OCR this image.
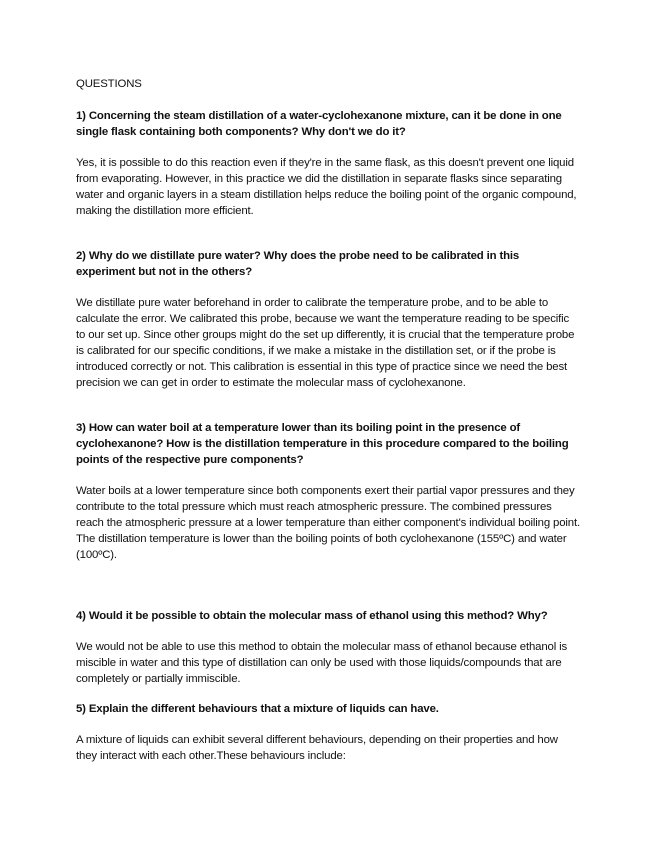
QUESTIONS
1) Concerning the steam distillation of a water-cyclohexanone mixture, can it be done in one single flask containing both components? Why don't we do it?

Yes, it is possible to do this reaction even if they're in the same flask, as this doesn't prevent one liquid from evaporating. However, in this practice we did the distillation in separate flasks since separating water and organic layers in a steam distillation helps reduce the boiling point of the organic compound, making the distillation more efficient.

2) Why do we distillate pure water? Why does the probe need to be calibrated in this experiment but not in the others?

We distillate pure water beforehand in order to calibrate the temperature probe, and to be able to calculate the error. We calibrated this probe, because we want the temperature reading to be specific to our set up. Since other groups might do the set up differently, it is crucial that the temperature probe is calibrated for our specific conditions, if we make a mistake in the distillation set, or if the probe is introduced correctly or not. This calibration is essential in this type of practice since we need the best precision we can get in order to estimate the molecular mass of cyclohexanone.

3) How can water boil at a temperature lower than its boiling point in the presence of cyclohexanone? How is the distillation temperature in this procedure compared to the boiling points of the respective pure components?

Water boils at a lower temperature since both components exert their partial vapor pressures and they contribute to the total pressure which must reach atmospheric pressure. The combined pressures reach the atmospheric pressure at a lower temperature than either component's individual boiling point.

The distillation temperature is lower than the boiling points of both cyclohexanone (155ºC) and water (100ºC).

4) Would it be possible to obtain the molecular mass of ethanol using this method? Why?

We would not be able to use this method to obtain the molecular mass of ethanol because ethanol is miscible in water and this type of distillation can only be used with those liquids/compounds that are completely or partially immiscible.

5) Explain the different behaviours that a mixture of liquids can have.

A mixture of liquids can exhibit several different behaviours, depending on their properties and how they interact with each other.These behaviours include:
